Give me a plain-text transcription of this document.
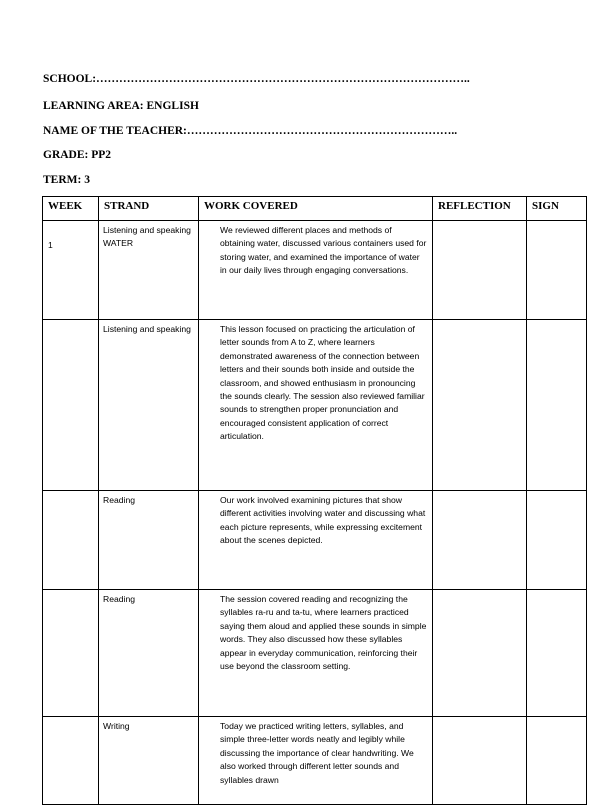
SCHOOL:……………………………………………………………………………………..
LEARNING AREA: ENGLISH
NAME OF THE TEACHER:……………………………………………………………..
GRADE: PP2
TERM: 3
WEEK	STRAND	WORK COVERED	REFLECTION	SIGN
1	Listening and speaking WATER	We reviewed different places and methods of obtaining water, discussed various containers used for storing water, and examined the importance of water in our daily lives through engaging conversations.		
	Listening and speaking	This lesson focused on practicing the articulation of letter sounds from A to Z, where learners demonstrated awareness of the connection between letters and their sounds both inside and outside the classroom, and showed enthusiasm in pronouncing the sounds clearly. The session also reviewed familiar sounds to strengthen proper pronunciation and encouraged consistent application of correct articulation.		
	Reading	Our work involved examining pictures that show different activities involving water and discussing what each picture represents, while expressing excitement about the scenes depicted.		
	Reading	The session covered reading and recognizing the syllables ra-ru and ta-tu, where learners practiced saying them aloud and applied these sounds in simple words. They also discussed how these syllables appear in everyday communication, reinforcing their use beyond the classroom setting.		
	Writing	Today we practiced writing letters, syllables, and simple three-letter words neatly and legibly while discussing the importance of clear handwriting. We also worked through different letter sounds and syllables drawn		
